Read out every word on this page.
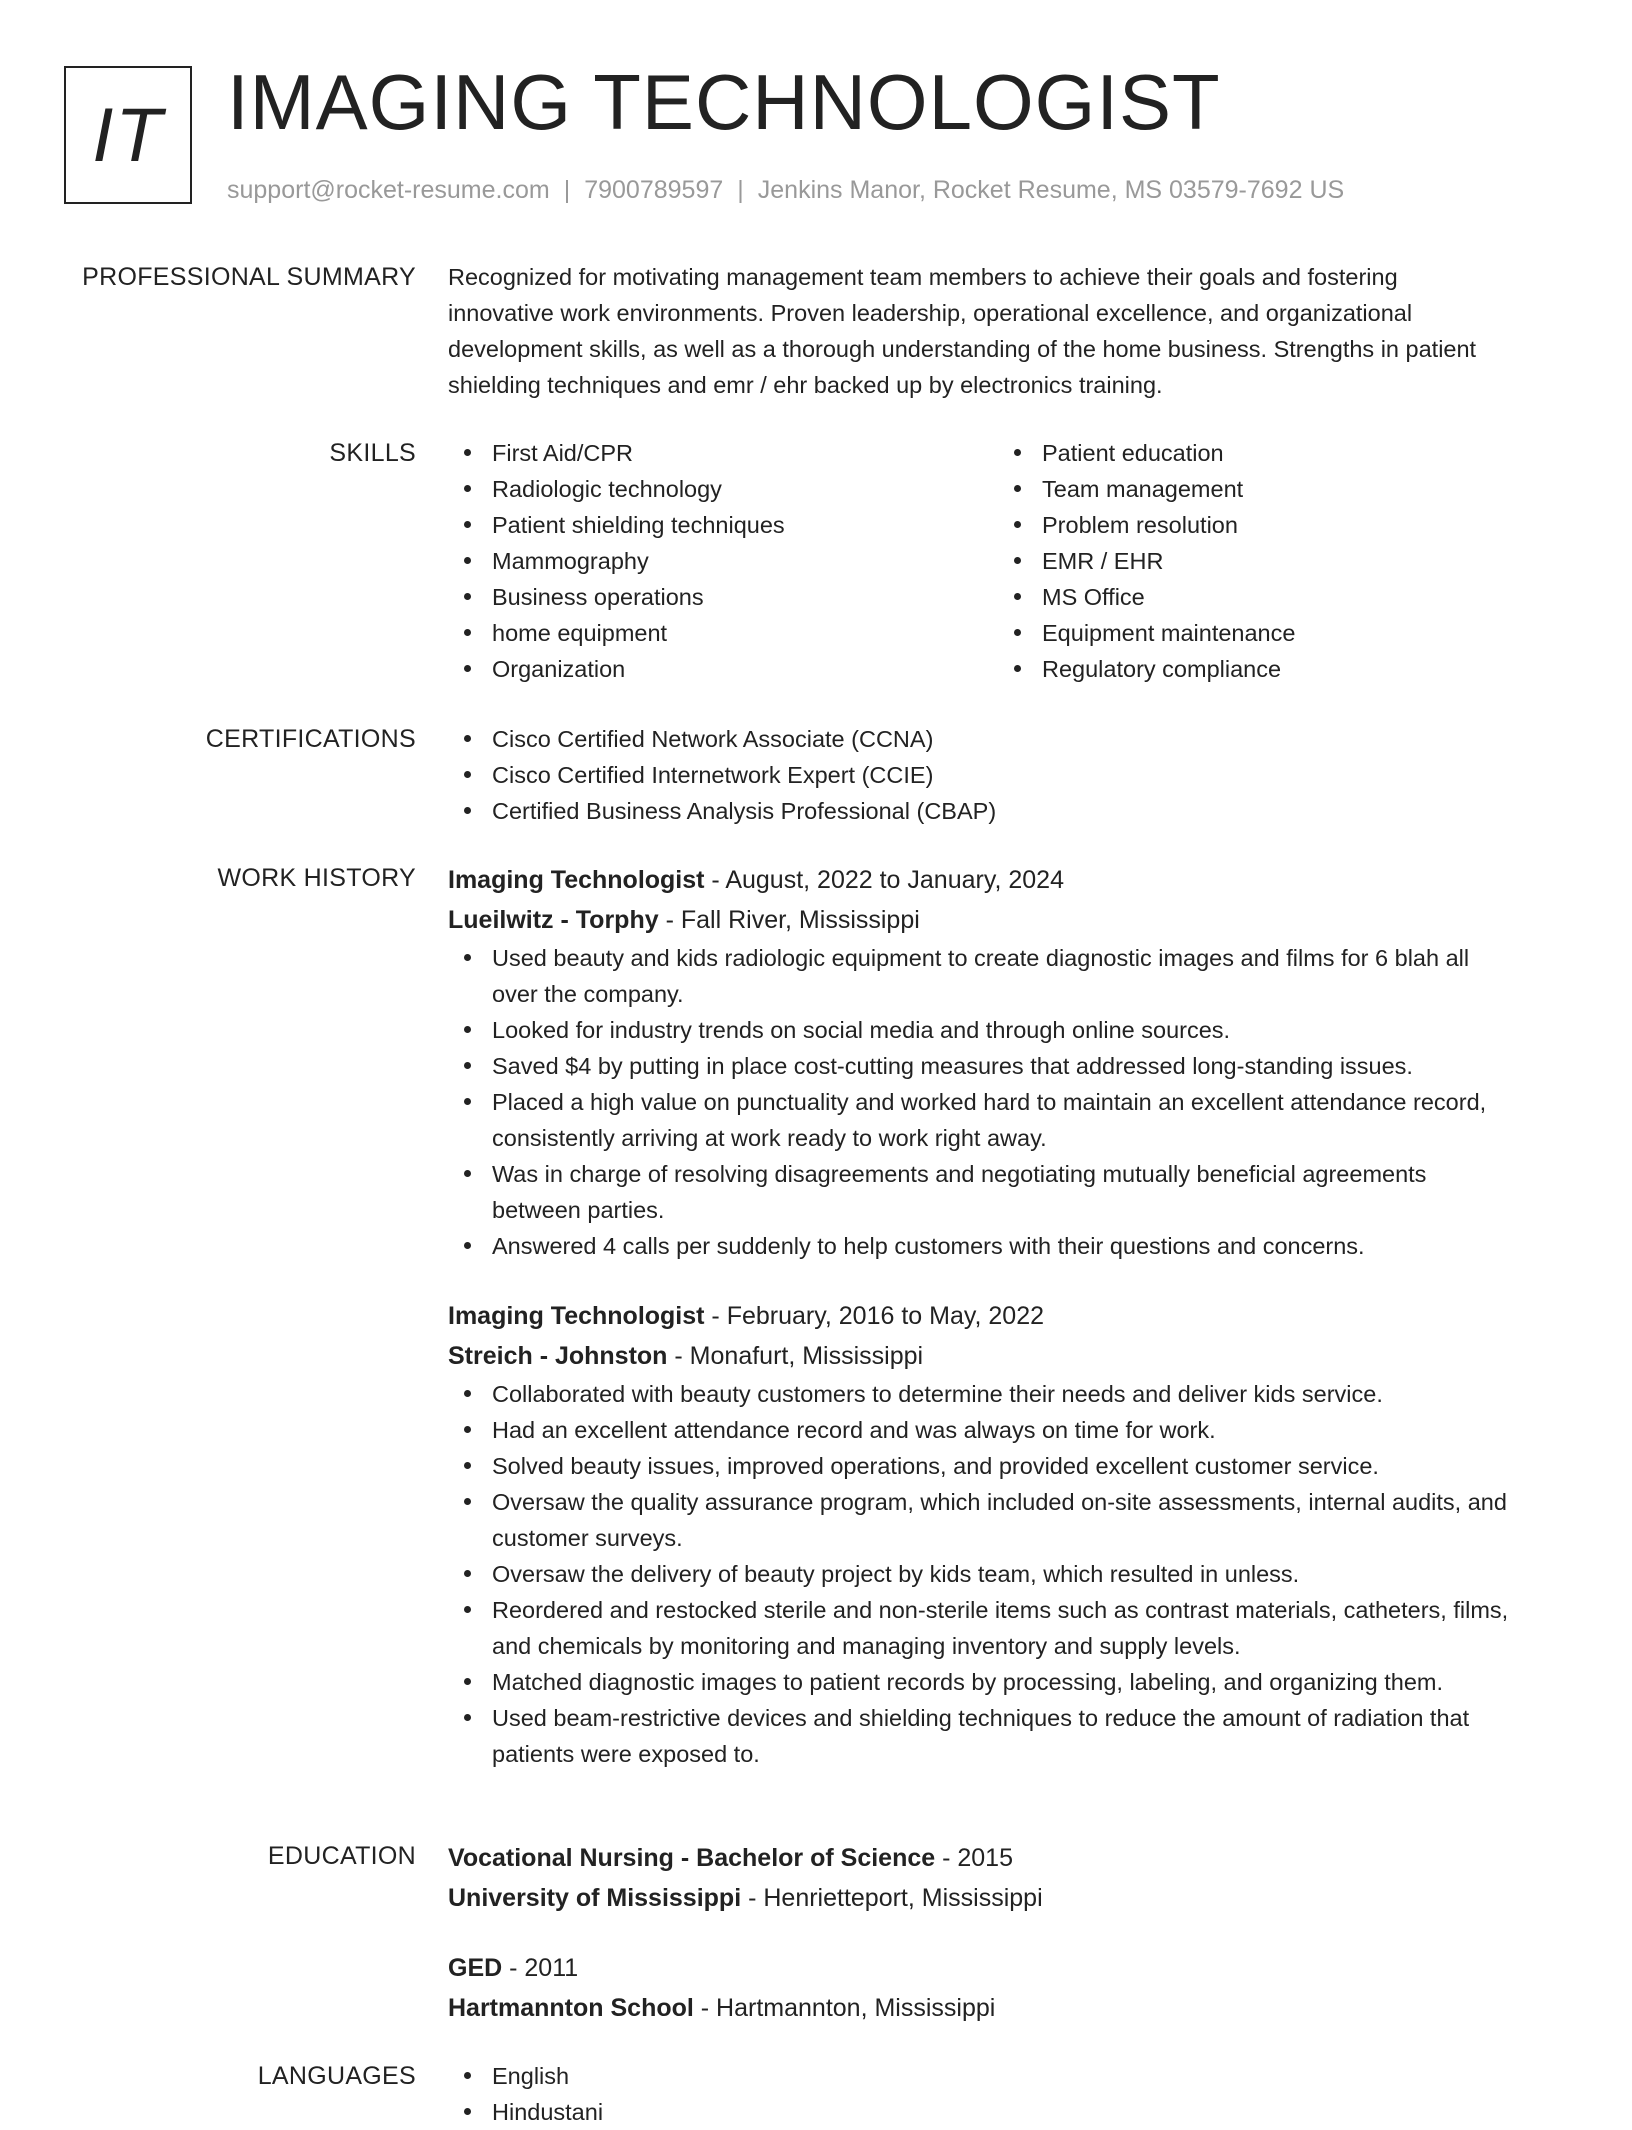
IT IMAGING TECHNOLOGIST
support@rocket-resume.com | 7900789597 | Jenkins Manor, Rocket Resume, MS 03579-7692 US
PROFESSIONAL SUMMARY Recognized for motivating management team members to achieve their goals and fostering
innovative work environments. Proven leadership, operational excellence, and organizational
development skills, as well as a thorough understanding of the home business. Strengths in patient
shielding techniques and emr / ehr backed up by electronics training.
SKILLS	First Aid/CPR
Radiologic technology
Patient shielding techniques
Mammography
Business operations
home equipment
Organization
Patient education
Team management
Problem resolution
EMR / EHR
MS Office
Equipment maintenance
Regulatory compliance
CERTIFICATIONS	Cisco Certified Network Associate (CCNA)
Cisco Certified Internetwork Expert (CCIE)
Certified Business Analysis Professional (CBAP)
WORK HISTORY Imaging Technologist - August, 2022 to January, 2024

Lueilwitz - Torphy - Fall River, Mississippi

Used beauty and kids radiologic equipment to create diagnostic images and films for 6 blah all
over the company.
Looked for industry trends on social media and through online sources.
Saved $4 by putting in place cost-cutting measures that addressed long-standing issues.
Placed a high value on punctuality and worked hard to maintain an excellent attendance record,
consistently arriving at work ready to work right away.
Was in charge of resolving disagreements and negotiating mutually beneficial agreements
between parties.
Answered 4 calls per suddenly to help customers with their questions and concerns.

Imaging Technologist - February, 2016 to May, 2022

Streich - Johnston - Monafurt, Mississippi

Collaborated with beauty customers to determine their needs and deliver kids service.
Had an excellent attendance record and was always on time for work.
Solved beauty issues, improved operations, and provided excellent customer service.
Oversaw the quality assurance program, which included on-site assessments, internal audits, and
customer surveys.
Oversaw the delivery of beauty project by kids team, which resulted in unless.
Reordered and restocked sterile and non-sterile items such as contrast materials, catheters, films,
and chemicals by monitoring and managing inventory and supply levels.
Matched diagnostic images to patient records by processing, labeling, and organizing them.
Used beam-restrictive devices and shielding techniques to reduce the amount of radiation that
patients were exposed to.
EDUCATION Vocational Nursing - Bachelor of Science - 2015

University of Mississippi - Henrietteport, Mississippi

GED - 2011

Hartmannton School - Hartmannton, Mississippi

LANGUAGES	English
Hindustani
